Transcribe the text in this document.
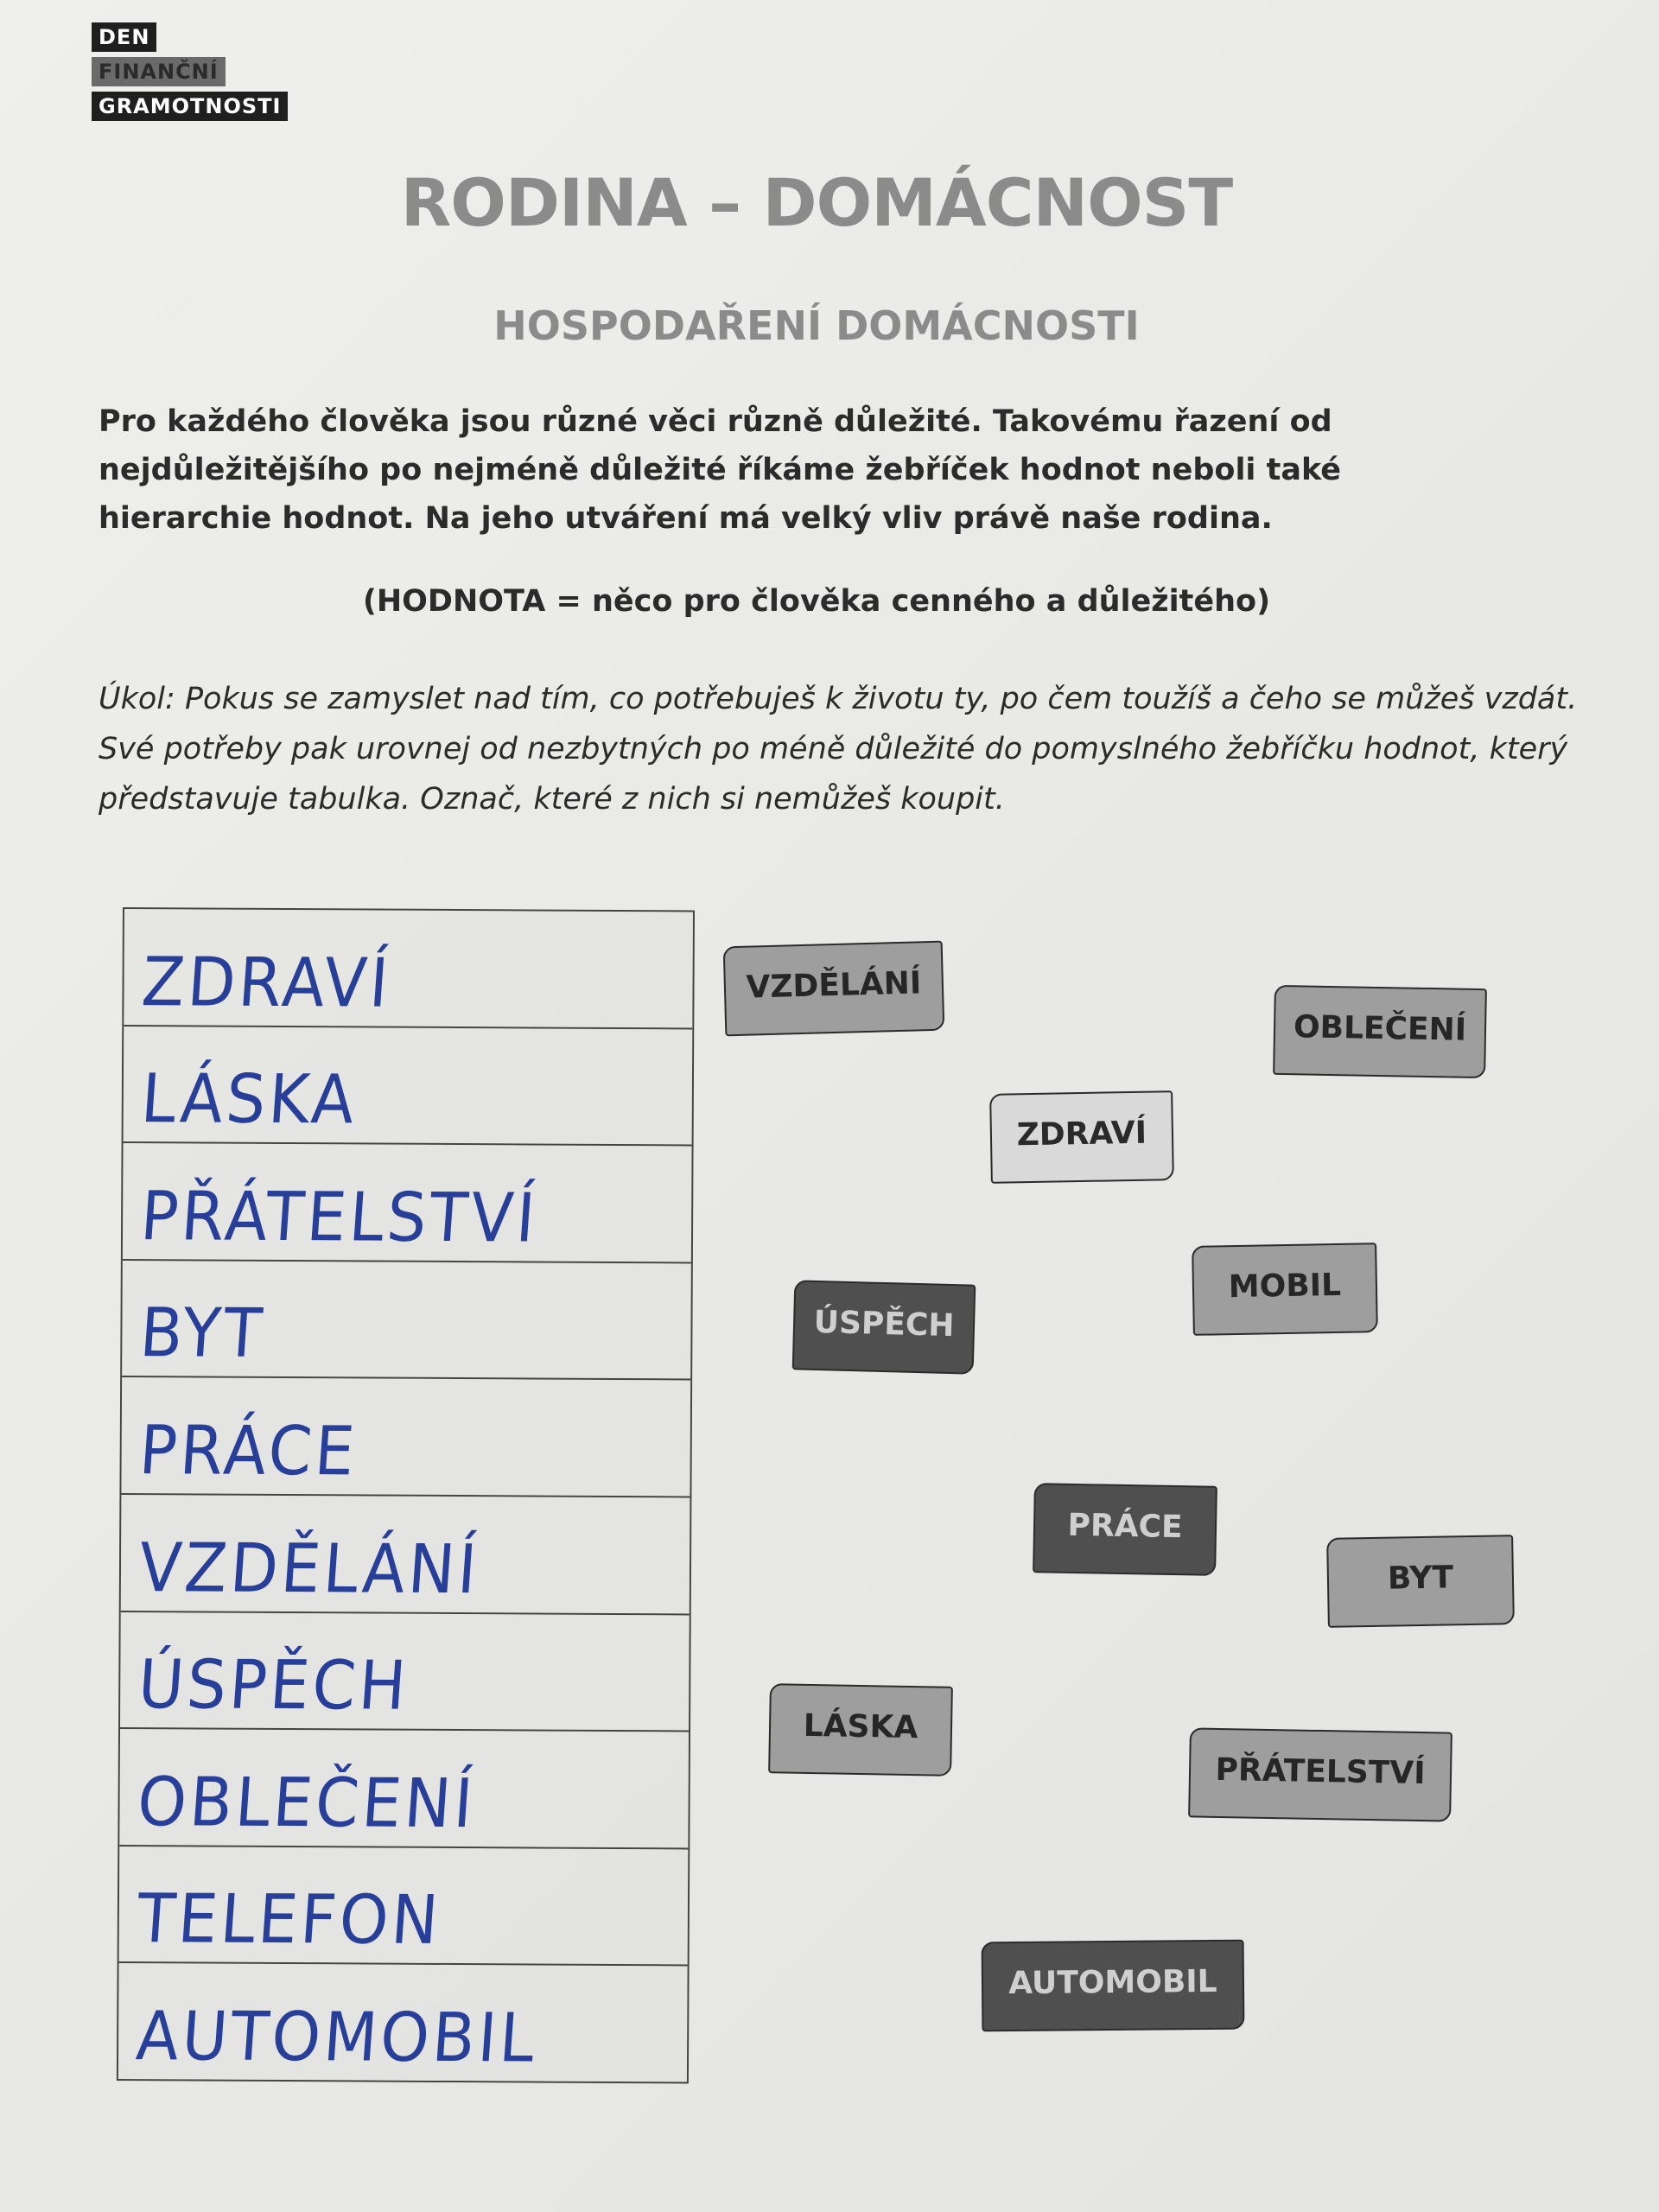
DEN
FINANČNÍ
GRAMOTNOSTI
RODINA – DOMÁCNOST
HOSPODAŘENÍ DOMÁCNOSTI
Pro každého člověka jsou různé věci různě důležité. Takovému řazení od nejdůležitějšího po nejméně důležité říkáme žebříček hodnot neboli také hierarchie hodnot. Na jeho utváření má velký vliv právě naše rodina.
(HODNOTA = něco pro člověka cenného a důležitého)
Úkol: Pokus se zamyslet nad tím, co potřebuješ k životu ty, po čem toužíš a čeho se můžeš vzdát. Své potřeby pak urovnej od nezbytných po méně důležité do pomyslného žebříčku hodnot, který představuje tabulka. Označ, které z nich si nemůžeš koupit.
ZDRAVÍ
LÁSKA
PŘÁTELSTVÍ
BYT
PRÁCE
VZDĚLÁNÍ
ÚSPĚCH
OBLEČENÍ
TELEFON
AUTOMOBIL
VZDĚLÁNÍ
OBLEČENÍ
ZDRAVÍ
ÚSPĚCH
MOBIL
PRÁCE
BYT
LÁSKA
PŘÁTELSTVÍ
AUTOMOBIL
